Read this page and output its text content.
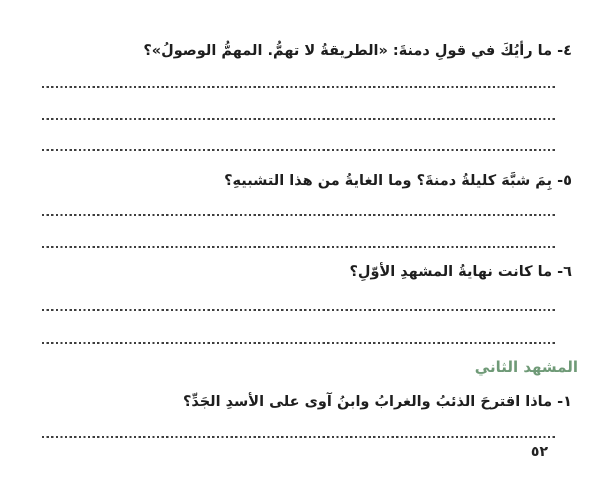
٤- ما رأيُكَ في قولِ دمنةَ: «الطريقةُ لا تهمُّ. المهمُّ الوصولُ»؟
٥- بِمَ شبَّهَ كليلةُ دمنةَ؟ وما الغايةُ من هذا التشبيهِ؟
٦- ما كانت نهايةُ المشهدِ الأوّلِ؟
المشهد الثاني
١- ماذا اقترحَ الذئبُ والغرابُ وابنُ آوى على الأسدِ الجَدِّ؟
٥٢
